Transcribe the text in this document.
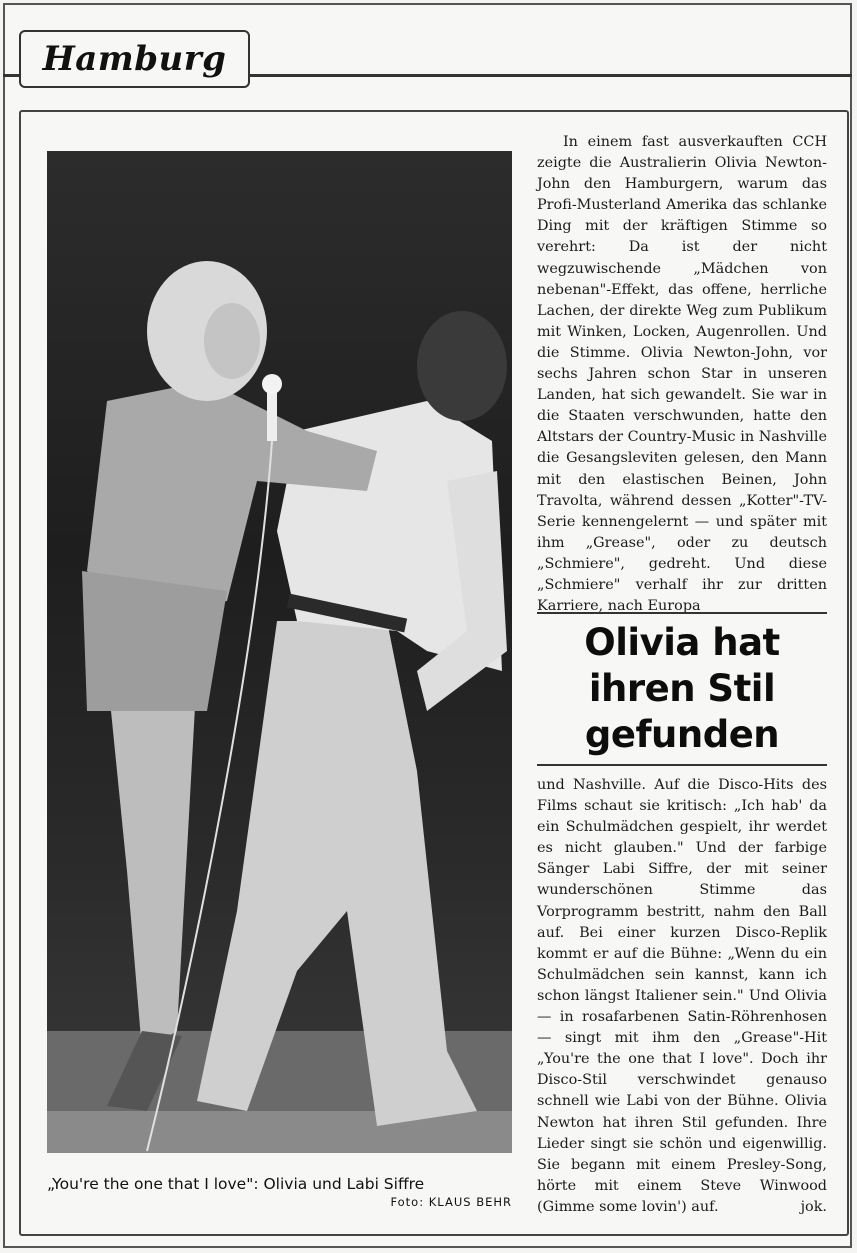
Hamburg
„You're the one that I love": Olivia und Labi Siffre
Foto: KLAUS BEHR

In einem fast ausverkauften CCH zeigte die Australierin Olivia Newton-John den Hamburgern, warum das Profi-Musterland Amerika das schlanke Ding mit der kräftigen Stimme so verehrt: Da ist der nicht wegzuwischende „Mädchen von nebenan"-Effekt, das offene, herrliche Lachen, der direkte Weg zum Publikum mit Winken, Locken, Augenrollen. Und die Stimme. Olivia Newton-John, vor sechs Jahren schon Star in unseren Landen, hat sich gewandelt. Sie war in die Staaten verschwunden, hatte den Altstars der Country-Music in Nashville die Gesangsleviten gelesen, den Mann mit den elastischen Beinen, John Travolta, während dessen „Kotter"-TV-Serie kennengelernt — und später mit ihm „Grease", oder zu deutsch „Schmiere", gedreht. Und diese „Schmiere" verhalf ihr zur dritten Karriere, nach Europa

Olivia hat
ihren Stil
gefunden

und Nashville. Auf die Disco-Hits des Films schaut sie kritisch: „Ich hab' da ein Schulmädchen gespielt, ihr werdet es nicht glauben." Und der farbige Sänger Labi Siffre, der mit seiner wunderschönen Stimme das Vorprogramm bestritt, nahm den Ball auf. Bei einer kurzen Disco-Replik kommt er auf die Bühne: „Wenn du ein Schulmädchen sein kannst, kann ich schon längst Italiener sein." Und Olivia — in rosafarbenen Satin-Röhrenhosen — singt mit ihm den „Grease"-Hit „You're the one that I love". Doch ihr Disco-Stil verschwindet genauso schnell wie Labi von der Bühne. Olivia Newton hat ihren Stil gefunden. Ihre Lieder singt sie schön und eigenwillig. Sie begann mit einem Presley-Song, hörte mit einem Steve Winwood (Gimme some lovin') auf.	jok.
